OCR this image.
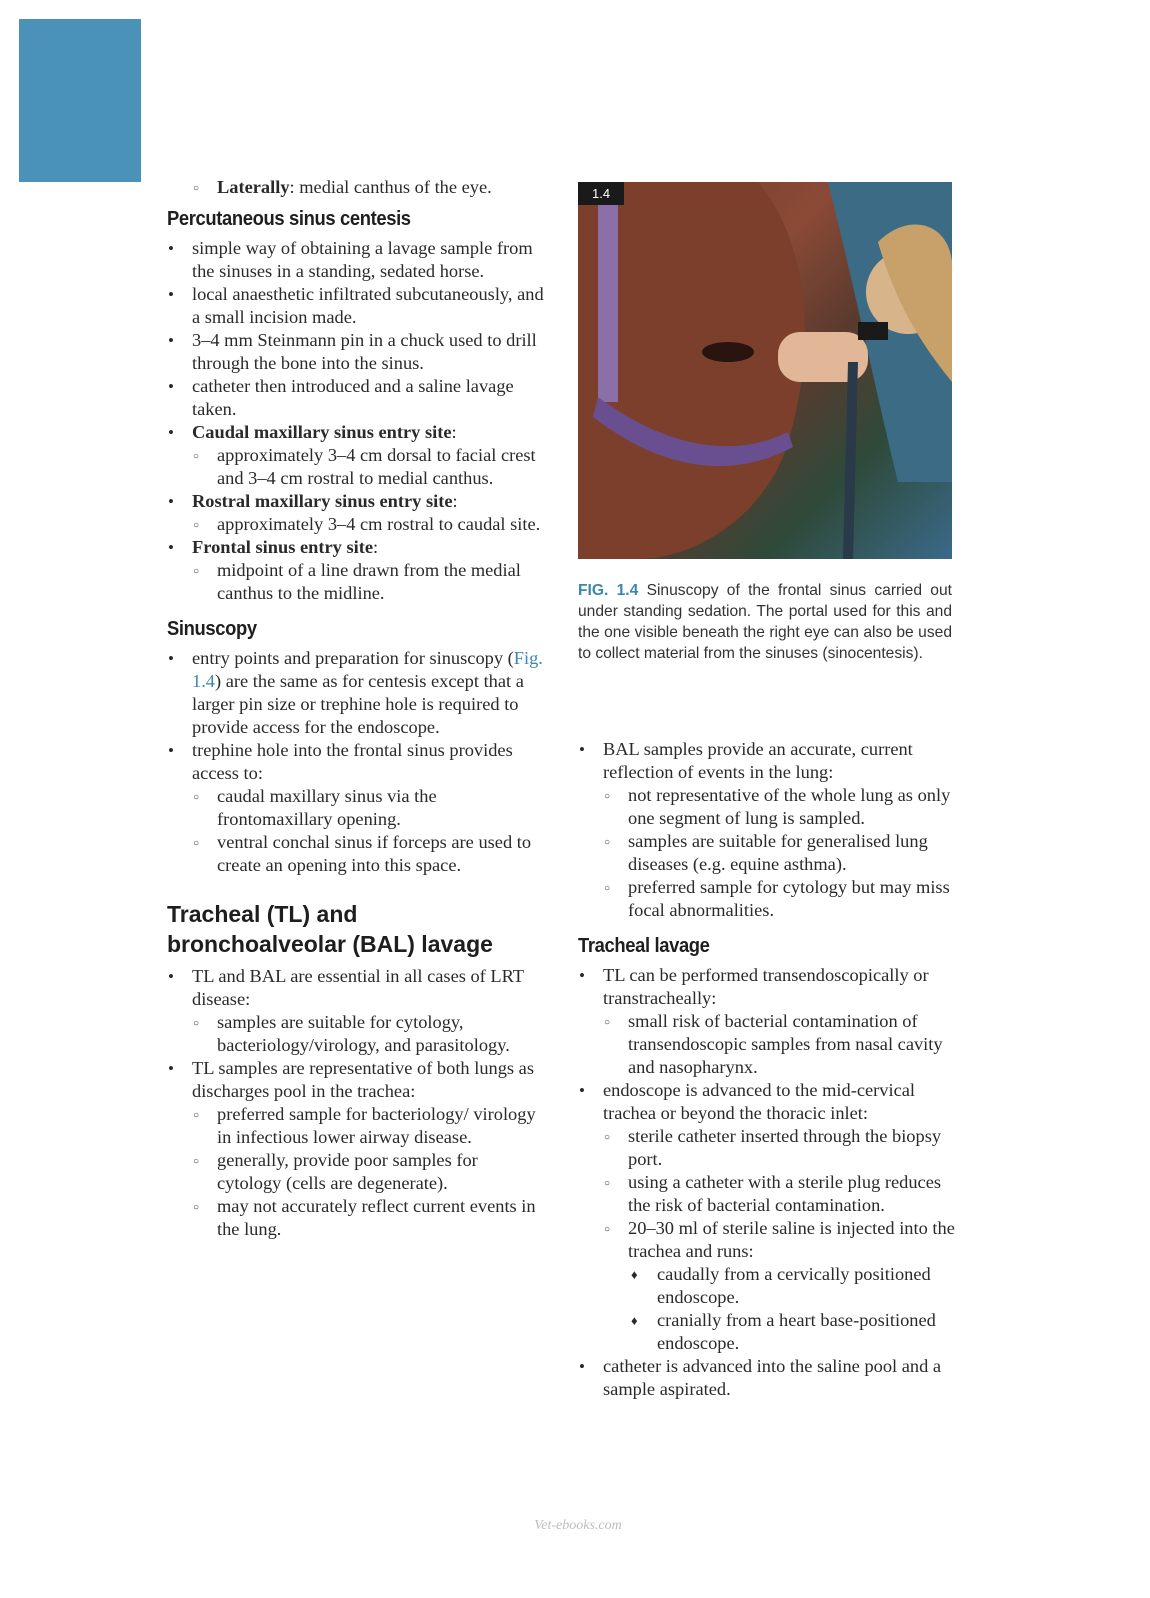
○ Laterally: medial canthus of the eye.
Percutaneous sinus centesis
• simple way of obtaining a lavage sample from the sinuses in a standing, sedated horse.
• local anaesthetic infiltrated subcutaneously, and a small incision made.
• 3–4 mm Steinmann pin in a chuck used to drill through the bone into the sinus.
• catheter then introduced and a saline lavage taken.
• Caudal maxillary sinus entry site:
○ approximately 3–4 cm dorsal to facial crest and 3–4 cm rostral to medial canthus.
• Rostral maxillary sinus entry site:
○ approximately 3–4 cm rostral to caudal site.
• Frontal sinus entry site:
○ midpoint of a line drawn from the medial canthus to the midline.
Sinuscopy
• entry points and preparation for sinuscopy (Fig. 1.4) are the same as for centesis except that a larger pin size or trephine hole is required to provide access for the endoscope.
• trephine hole into the frontal sinus provides access to:
○ caudal maxillary sinus via the frontomaxillary opening.
○ ventral conchal sinus if forceps are used to create an opening into this space.
Tracheal (TL) and
bronchoalveolar (BAL) lavage
• TL and BAL are essential in all cases of LRT disease:
○ samples are suitable for cytology, bacteriology/virology, and parasitology.
• TL samples are representative of both lungs as discharges pool in the trachea:
○ preferred sample for bacteriology/ virology in infectious lower airway disease.
○ generally, provide poor samples for cytology (cells are degenerate).
○ may not accurately reflect current events in the lung.
1.4
FIG. 1.4 Sinuscopy of the frontal sinus carried out under standing sedation. The portal used for this and the one visible beneath the right eye can also be used to collect material from the sinuses (sinocentesis).
• BAL samples provide an accurate, current reflection of events in the lung:
○ not representative of the whole lung as only one segment of lung is sampled.
○ samples are suitable for generalised lung diseases (e.g. equine asthma).
○ preferred sample for cytology but may miss focal abnormalities.
Tracheal lavage
• TL can be performed transendoscopically or transtracheally:
○ small risk of bacterial contamination of transendoscopic samples from nasal cavity and nasopharynx.
• endoscope is advanced to the mid-cervical trachea or beyond the thoracic inlet:
○ sterile catheter inserted through the biopsy port.
○ using a catheter with a sterile plug reduces the risk of bacterial contamination.
○ 20–30 ml of sterile saline is injected into the trachea and runs:
♦ caudally from a cervically positioned endoscope.
♦ cranially from a heart base-positioned endoscope.
• catheter is advanced into the saline pool and a sample aspirated.
Vet-ebooks.com
